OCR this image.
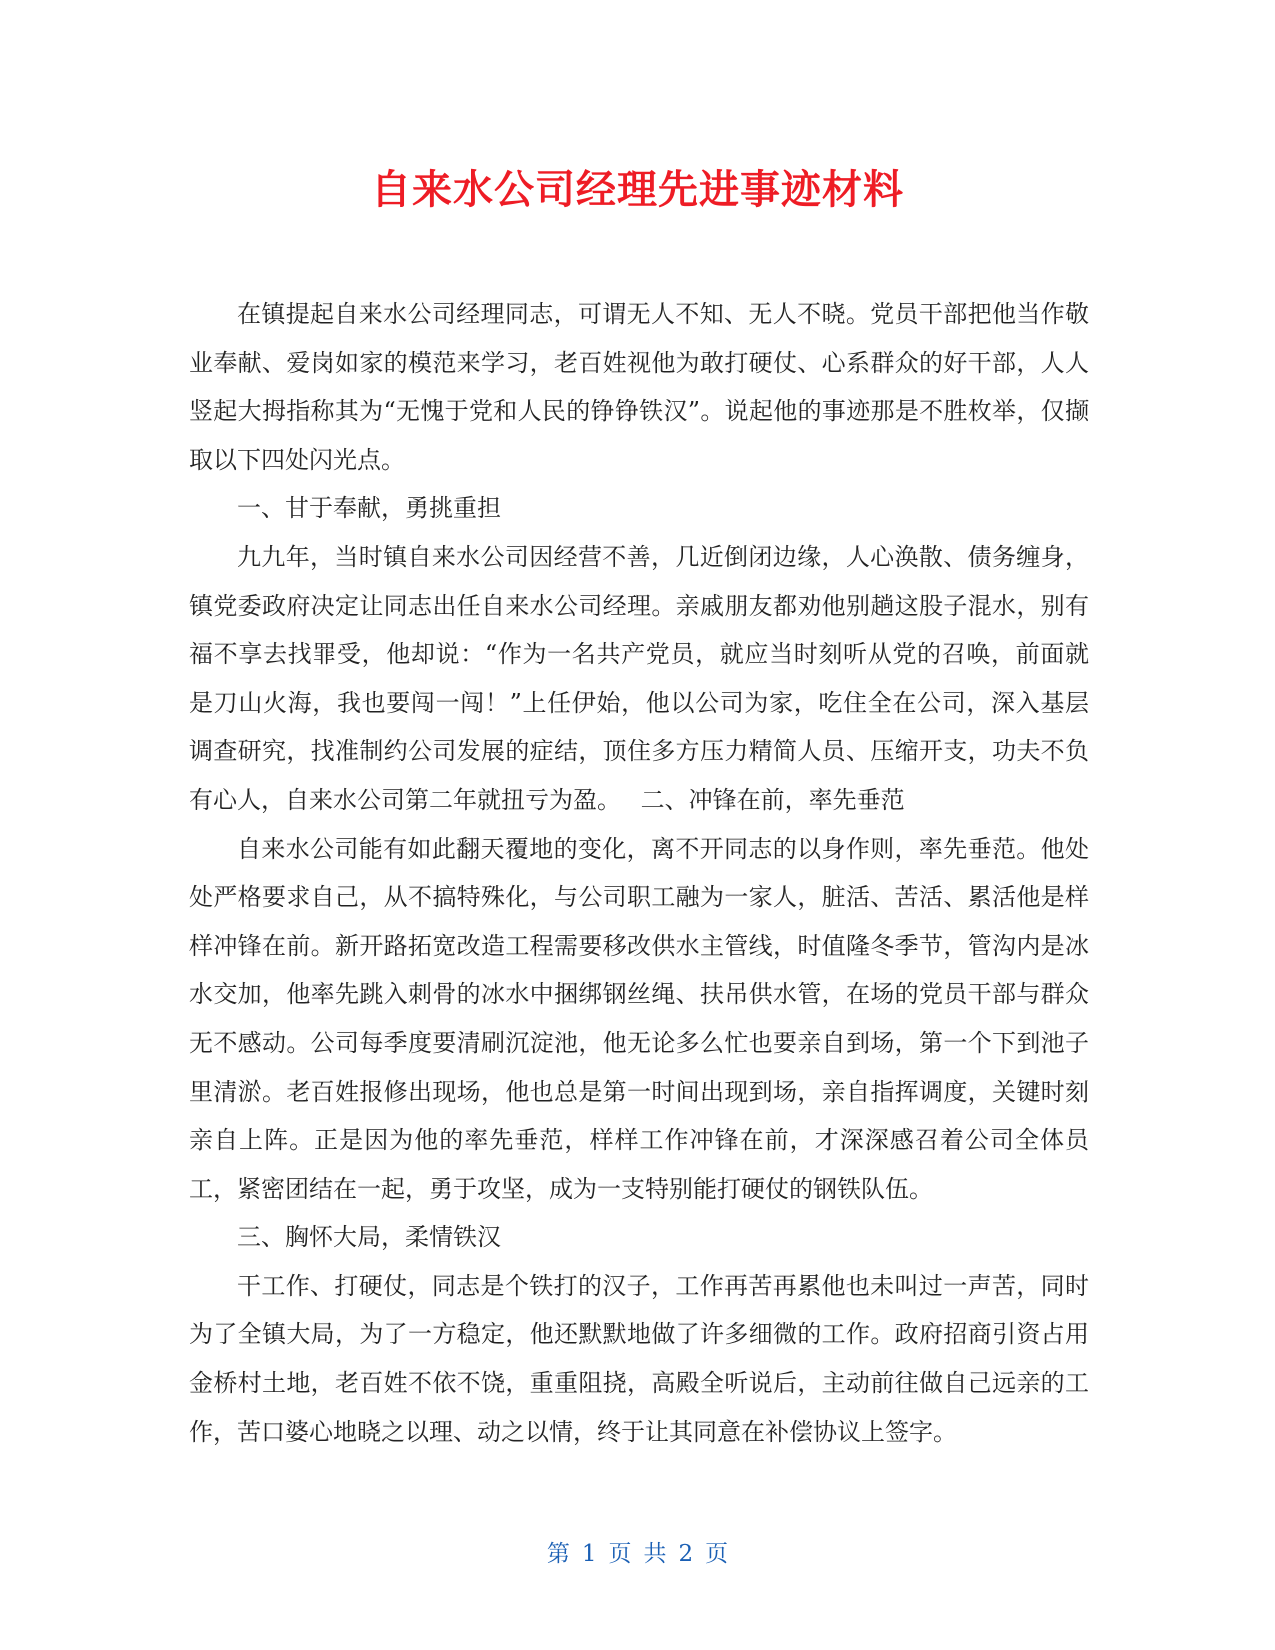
自来水公司经理先进事迹材料

在镇提起自来水公司经理同志，可谓无人不知、无人不晓。党员干部把他当作敬业奉献、爱岗如家的模范来学习，老百姓视他为敢打硬仗、心系群众的好干部，人人竖起大拇指称其为“无愧于党和人民的铮铮铁汉”。说起他的事迹那是不胜枚举，仅撷取以下四处闪光点。

一、甘于奉献，勇挑重担

九九年，当时镇自来水公司因经营不善，几近倒闭边缘，人心涣散、债务缠身，镇党委政府决定让同志出任自来水公司经理。亲戚朋友都劝他别趟这股子混水，别有福不享去找罪受，他却说：“作为一名共产党员，就应当时刻听从党的召唤，前面就是刀山火海，我也要闯一闯！”上任伊始，他以公司为家，吃住全在公司，深入基层调查研究，找准制约公司发展的症结，顶住多方压力精简人员、压缩开支，功夫不负有心人，自来水公司第二年就扭亏为盈。　 二、冲锋在前，率先垂范

自来水公司能有如此翻天覆地的变化，离不开同志的以身作则，率先垂范。他处处严格要求自己，从不搞特殊化，与公司职工融为一家人，脏活、苦活、累活他是样样冲锋在前。新开路拓宽改造工程需要移改供水主管线，时值隆冬季节，管沟内是冰水交加，他率先跳入刺骨的冰水中捆绑钢丝绳、扶吊供水管，在场的党员干部与群众无不感动。公司每季度要清刷沉淀池，他无论多么忙也要亲自到场，第一个下到池子里清淤。老百姓报修出现场，他也总是第一时间出现到场，亲自指挥调度，关键时刻亲自上阵。正是因为他的率先垂范，样样工作冲锋在前，才深深感召着公司全体员工，紧密团结在一起，勇于攻坚，成为一支特别能打硬仗的钢铁队伍。

三、胸怀大局，柔情铁汉

干工作、打硬仗，同志是个铁打的汉子，工作再苦再累他也未叫过一声苦，同时为了全镇大局，为了一方稳定，他还默默地做了许多细微的工作。政府招商引资占用金桥村土地，老百姓不依不饶，重重阻挠，高殿全听说后，主动前往做自己远亲的工作，苦口婆心地晓之以理、动之以情，终于让其同意在补偿协议上签字。

第 1 页 共 2 页
